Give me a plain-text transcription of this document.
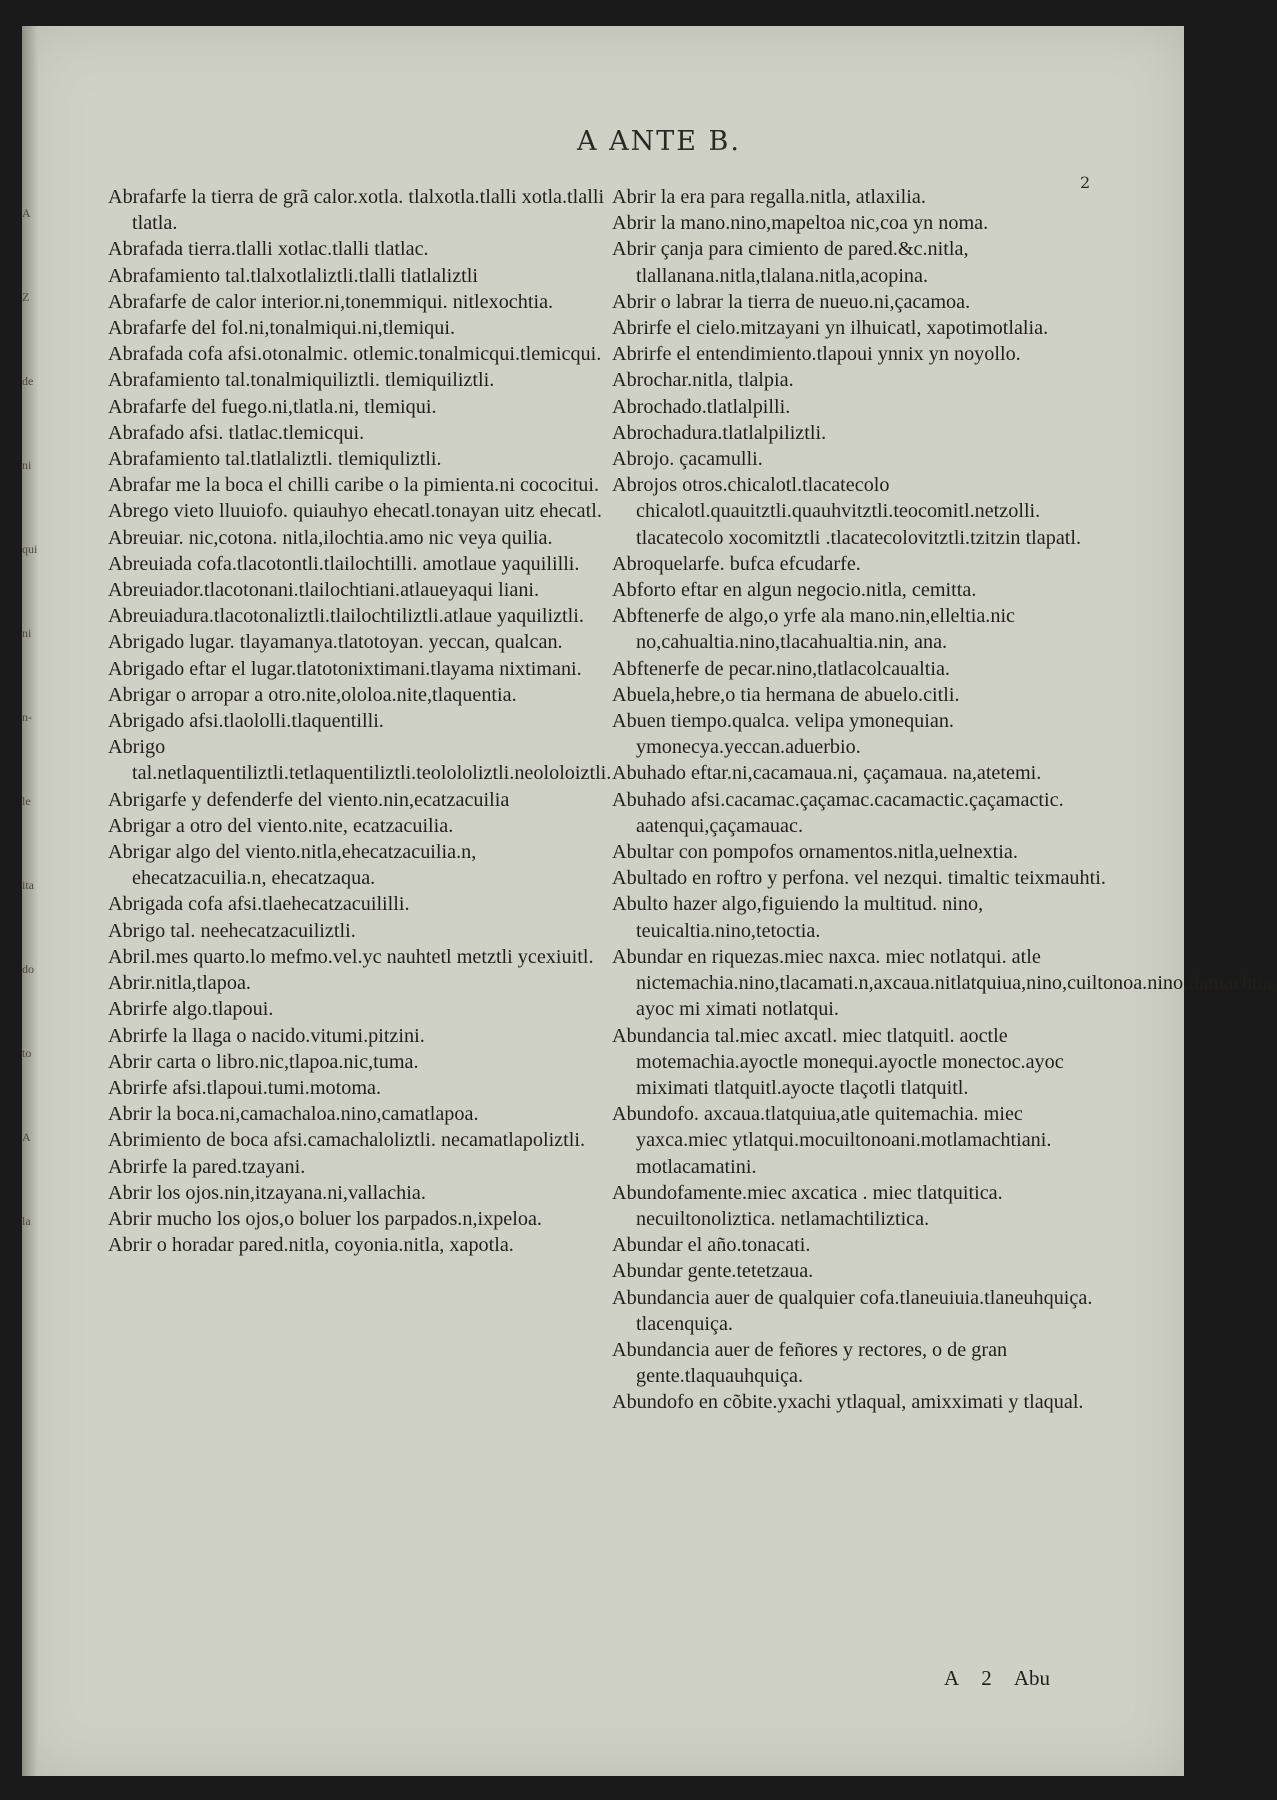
A
Z
de
ni
qui
ni
n-
le
ita
do
to
A
la
A ANTE B.
2

Abrafarfe la tierra de grã calor.xotla. tlalxotla.tlalli xotla.tlalli tlatla.

Abrafada tierra.tlalli xotlac.tlalli tlatlac.

Abrafamiento tal.tlalxotlaliztli.tlalli tlatlaliztli

Abrafarfe de calor interior.ni,tonemmiqui. nitlexochtia.

Abrafarfe del fol.ni,tonalmiqui.ni,tlemiqui.

Abrafada cofa afsi.otonalmic. otlemic.tonalmicqui.tlemicqui.

Abrafamiento tal.tonalmiquiliztli. tlemiquiliztli.

Abrafarfe del fuego.ni,tlatla.ni, tlemiqui.

Abrafado afsi. tlatlac.tlemicqui.

Abrafamiento tal.tlatlaliztli. tlemiquliztli.

Abrafar me la boca el chilli caribe o la pimienta.ni cococitui.

Abrego vieto lluuiofo. quiauhyo ehecatl.tonayan uitz ehecatl.

Abreuiar. nic,cotona. nitla,ilochtia.amo nic veya quilia.

Abreuiada cofa.tlacotontli.tlailochtilli. amotlaue yaquililli.

Abreuiador.tlacotonani.tlailochtiani.atlaueyaqui liani.

Abreuiadura.tlacotonaliztli.tlailochtiliztli.atlaue yaquiliztli.

Abrigado lugar. tlayamanya.tlatotoyan. yeccan, qualcan.

Abrigado eftar el lugar.tlatotonixtimani.tlayama nixtimani.

Abrigar o arropar a otro.nite,ololoa.nite,tlaquentia.

Abrigado afsi.tlaololli.tlaquentilli.

Abrigo tal.netlaquentiliztli.tetlaquentiliztli.teolololiztli.neololoiztli.

Abrigarfe y defenderfe del viento.nin,ecatzacuilia

Abrigar a otro del viento.nite, ecatzacuilia.

Abrigar algo del viento.nitla,ehecatzacuilia.n, ehecatzacuilia.n, ehecatzaqua.

Abrigada cofa afsi.tlaehecatzacuililli.

Abrigo tal. neehecatzacuiliztli.

Abril.mes quarto.lo mefmo.vel.yc nauhtetl metztli ycexiuitl.

Abrir.nitla,tlapoa.

Abrirfe algo.tlapoui.

Abrirfe la llaga o nacido.vitumi.pitzini.

Abrir carta o libro.nic,tlapoa.nic,tuma.

Abrirfe afsi.tlapoui.tumi.motoma.

Abrir la boca.ni,camachaloa.nino,camatlapoa.

Abrimiento de boca afsi.camachaloliztli. necamatlapoliztli.

Abrirfe la pared.tzayani.

Abrir los ojos.nin,itzayana.ni,vallachia.

Abrir mucho los ojos,o boluer los parpados.n,ixpeloa.

Abrir o horadar pared.nitla, coyonia.nitla, xapotla.

Abrir la era para regalla.nitla, atlaxilia.

Abrir la mano.nino,mapeltoa nic,coa yn noma.

Abrir çanja para cimiento de pared.&c.nitla, tlallanana.nitla,tlalana.nitla,acopina.

Abrir o labrar la tierra de nueuo.ni,çacamoa.

Abrirfe el cielo.mitzayani yn ilhuicatl, xapotimotlalia.

Abrirfe el entendimiento.tlapoui ynnix yn noyollo.

Abrochar.nitla, tlalpia.

Abrochado.tlatlalpilli.

Abrochadura.tlatlalpiliztli.

Abrojo. çacamulli.

Abrojos otros.chicalotl.tlacatecolo chicalotl.quauitztli.quauhvitztli.teocomitl.netzolli. tlacatecolo xocomitztli .tlacatecolovitztli.tzitzin tlapatl.

Abroquelarfe. bufca efcudarfe.

Abforto eftar en algun negocio.nitla, cemittа.

Abftenerfe de algo,o yrfe ala mano.nin,elleltia.nic no,cahualtia.nino,tlacahualtia.nin, ana.

Abftenerfe de pecar.nino,tlatlacolcaualtia.

Abuela,hebre,o tia hermana de abuelo.citli.

Abuen tiempo.qualca. velipa ymonequian. ymonecya.yeccan.aduerbio.

Abuhado eftar.ni,cacamaua.ni, çaçamaua. na,atetemi.

Abuhado afsi.cacamac.çaçamac.cacamactic.çaçamactic. aatenqui,çaçamauac.

Abultar con pompofos ornamentos.nitla,uelnextia.

Abultado en roftro y perfona. vel nezqui. timaltic teixmauhti.

Abulto hazer algo,figuiendo la multitud. nino, teuicaltia.nino,tetoctia.

Abundar en riquezas.miec naxca. miec notlatqui. atle nictemachia.nino,tlacamati.n,axcaua.nitlatquiua,nino,cuiltonoa.nino,tlamachtia. ayoc mi ximati notlatqui.

Abundancia tal.miec axcatl. miec tlatquitl. aoctle motemachia.ayoctle monequi.ayoctle monectoc.ayoc miximati tlatquitl.ayocte tlaçotli tlatquitl.

Abundofo. axcaua.tlatquiua,atle quitemachia. miec yaxca.miec ytlatqui.mocuiltonoani.motlamachtiani. motlacamatini.

Abundofamente.miec axcatica . miec tlatquitica. necuiltonoliztica. netlamachtiliztica.

Abundar el año.tonacati.

Abundar gente.tetetzaua.

Abundancia auer de qualquier cofa.tlaneuiuia.tlaneuhquiça. tlacenquiça.

Abundancia auer de feñores y rectores, o de gran gente.tlaquauhquiça.

Abundofo en cõbite.yxachi ytlaqual, amixximati y tlaqual.

A 2 Abu
